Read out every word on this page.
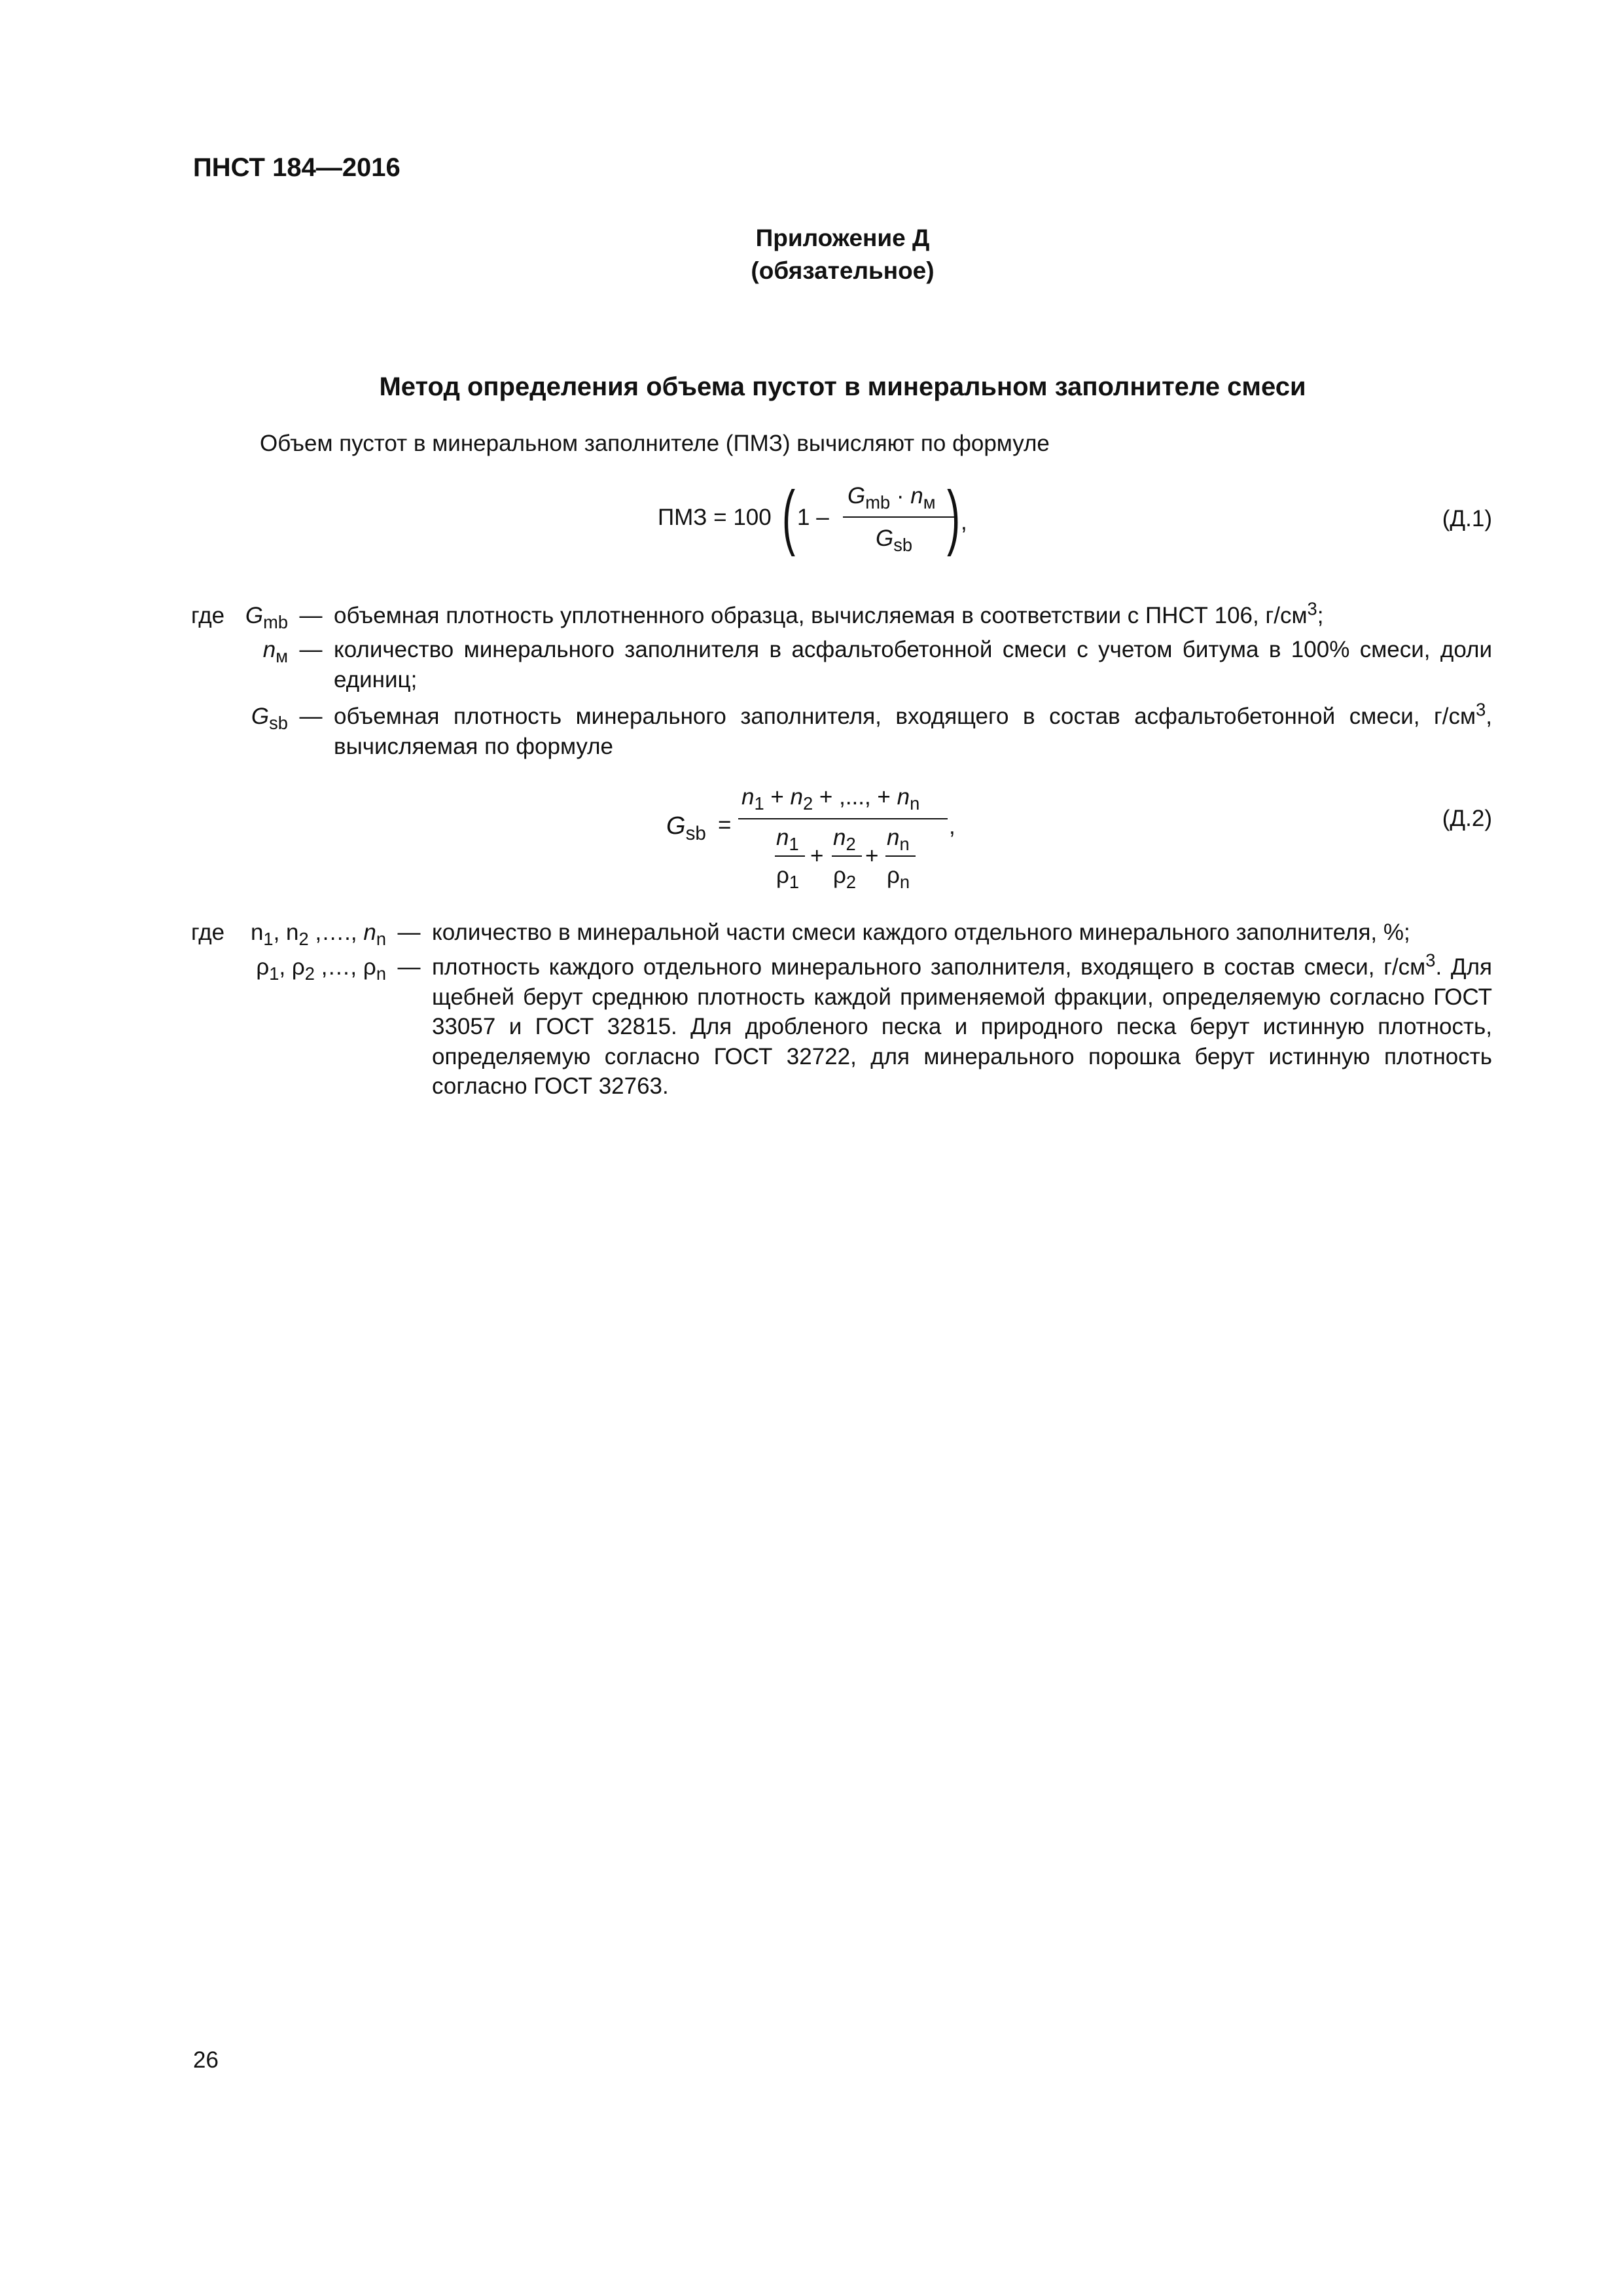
ПНСТ 184—2016
Приложение Д
(обязательное)
Метод определения объема пустот в минеральном заполнителе смеси
Объем пустот в минеральном заполнителе (ПМЗ) вычисляют по формуле
ПМЗ = 100 ( 1 –
$G_{mb} \cdot n_м$
$G_{sb}$ ) ,	(Д.1)
где $G_{mb}$ — объемная плотность уплотненного образца, вычисляемая в соответствии с ПНСТ 106, $г/см^3$;
$n_м$ — количество минерального заполнителя в асфальтобетонной смеси с учетом битума в 100% смеси, доли единиц;
$G_{sb}$ — объемная плотность минерального заполнителя, входящего в состав асфальтобетонной смеси, $г/см^3$, вычисляемая по формуле
$G_{sb}$ =
$n_1 + n_2$ + ,..., + $n_n$
,
$n_1$
$\rho_1$
+
$n_2$
$\rho_2$
+
$n_n$
$\rho_n$
(Д.2)
где	$n_1$, $n_2$ ,…., $n_n$ — количество в минеральной части смеси каждого отдельного минерального заполнителя, %;
$\rho_1$, $\rho_2$ ,…, $\rho_n$ — плотность каждого отдельного минерального заполнителя, входящего в состав смеси, $г/см^3$. Для щебней берут среднюю плотность каждой применяемой фракции, определяемую согласно ГОСТ 33057 и ГОСТ 32815. Для дробленого песка и природного песка берут истинную плотность, определяемую согласно ГОСТ 32722, для минерального порошка берут истинную плотность согласно ГОСТ 32763.
26
